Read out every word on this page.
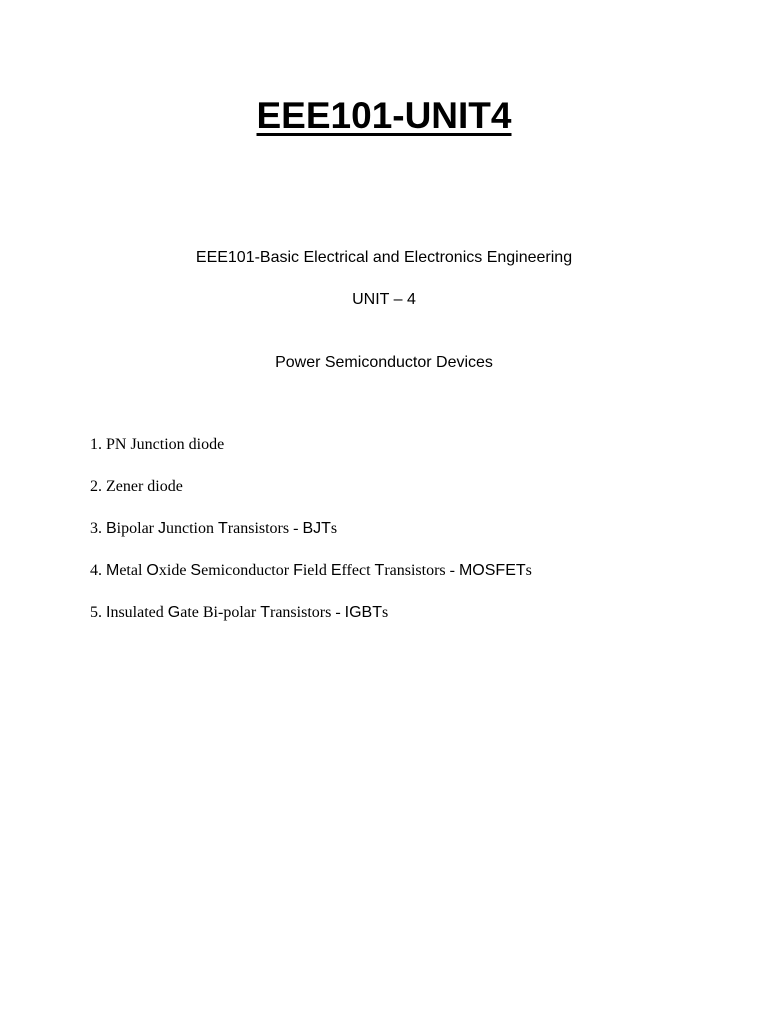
EEE101-UNIT4
EEE101-Basic Electrical and Electronics Engineering
UNIT – 4
Power Semiconductor Devices
1. PN Junction diode
2. Zener diode
3. Bipolar Junction Transistors - BJTs
4. Metal Oxide Semiconductor Field Effect Transistors - MOSFETs
5. Insulated Gate Bi-polar Transistors - IGBTs
